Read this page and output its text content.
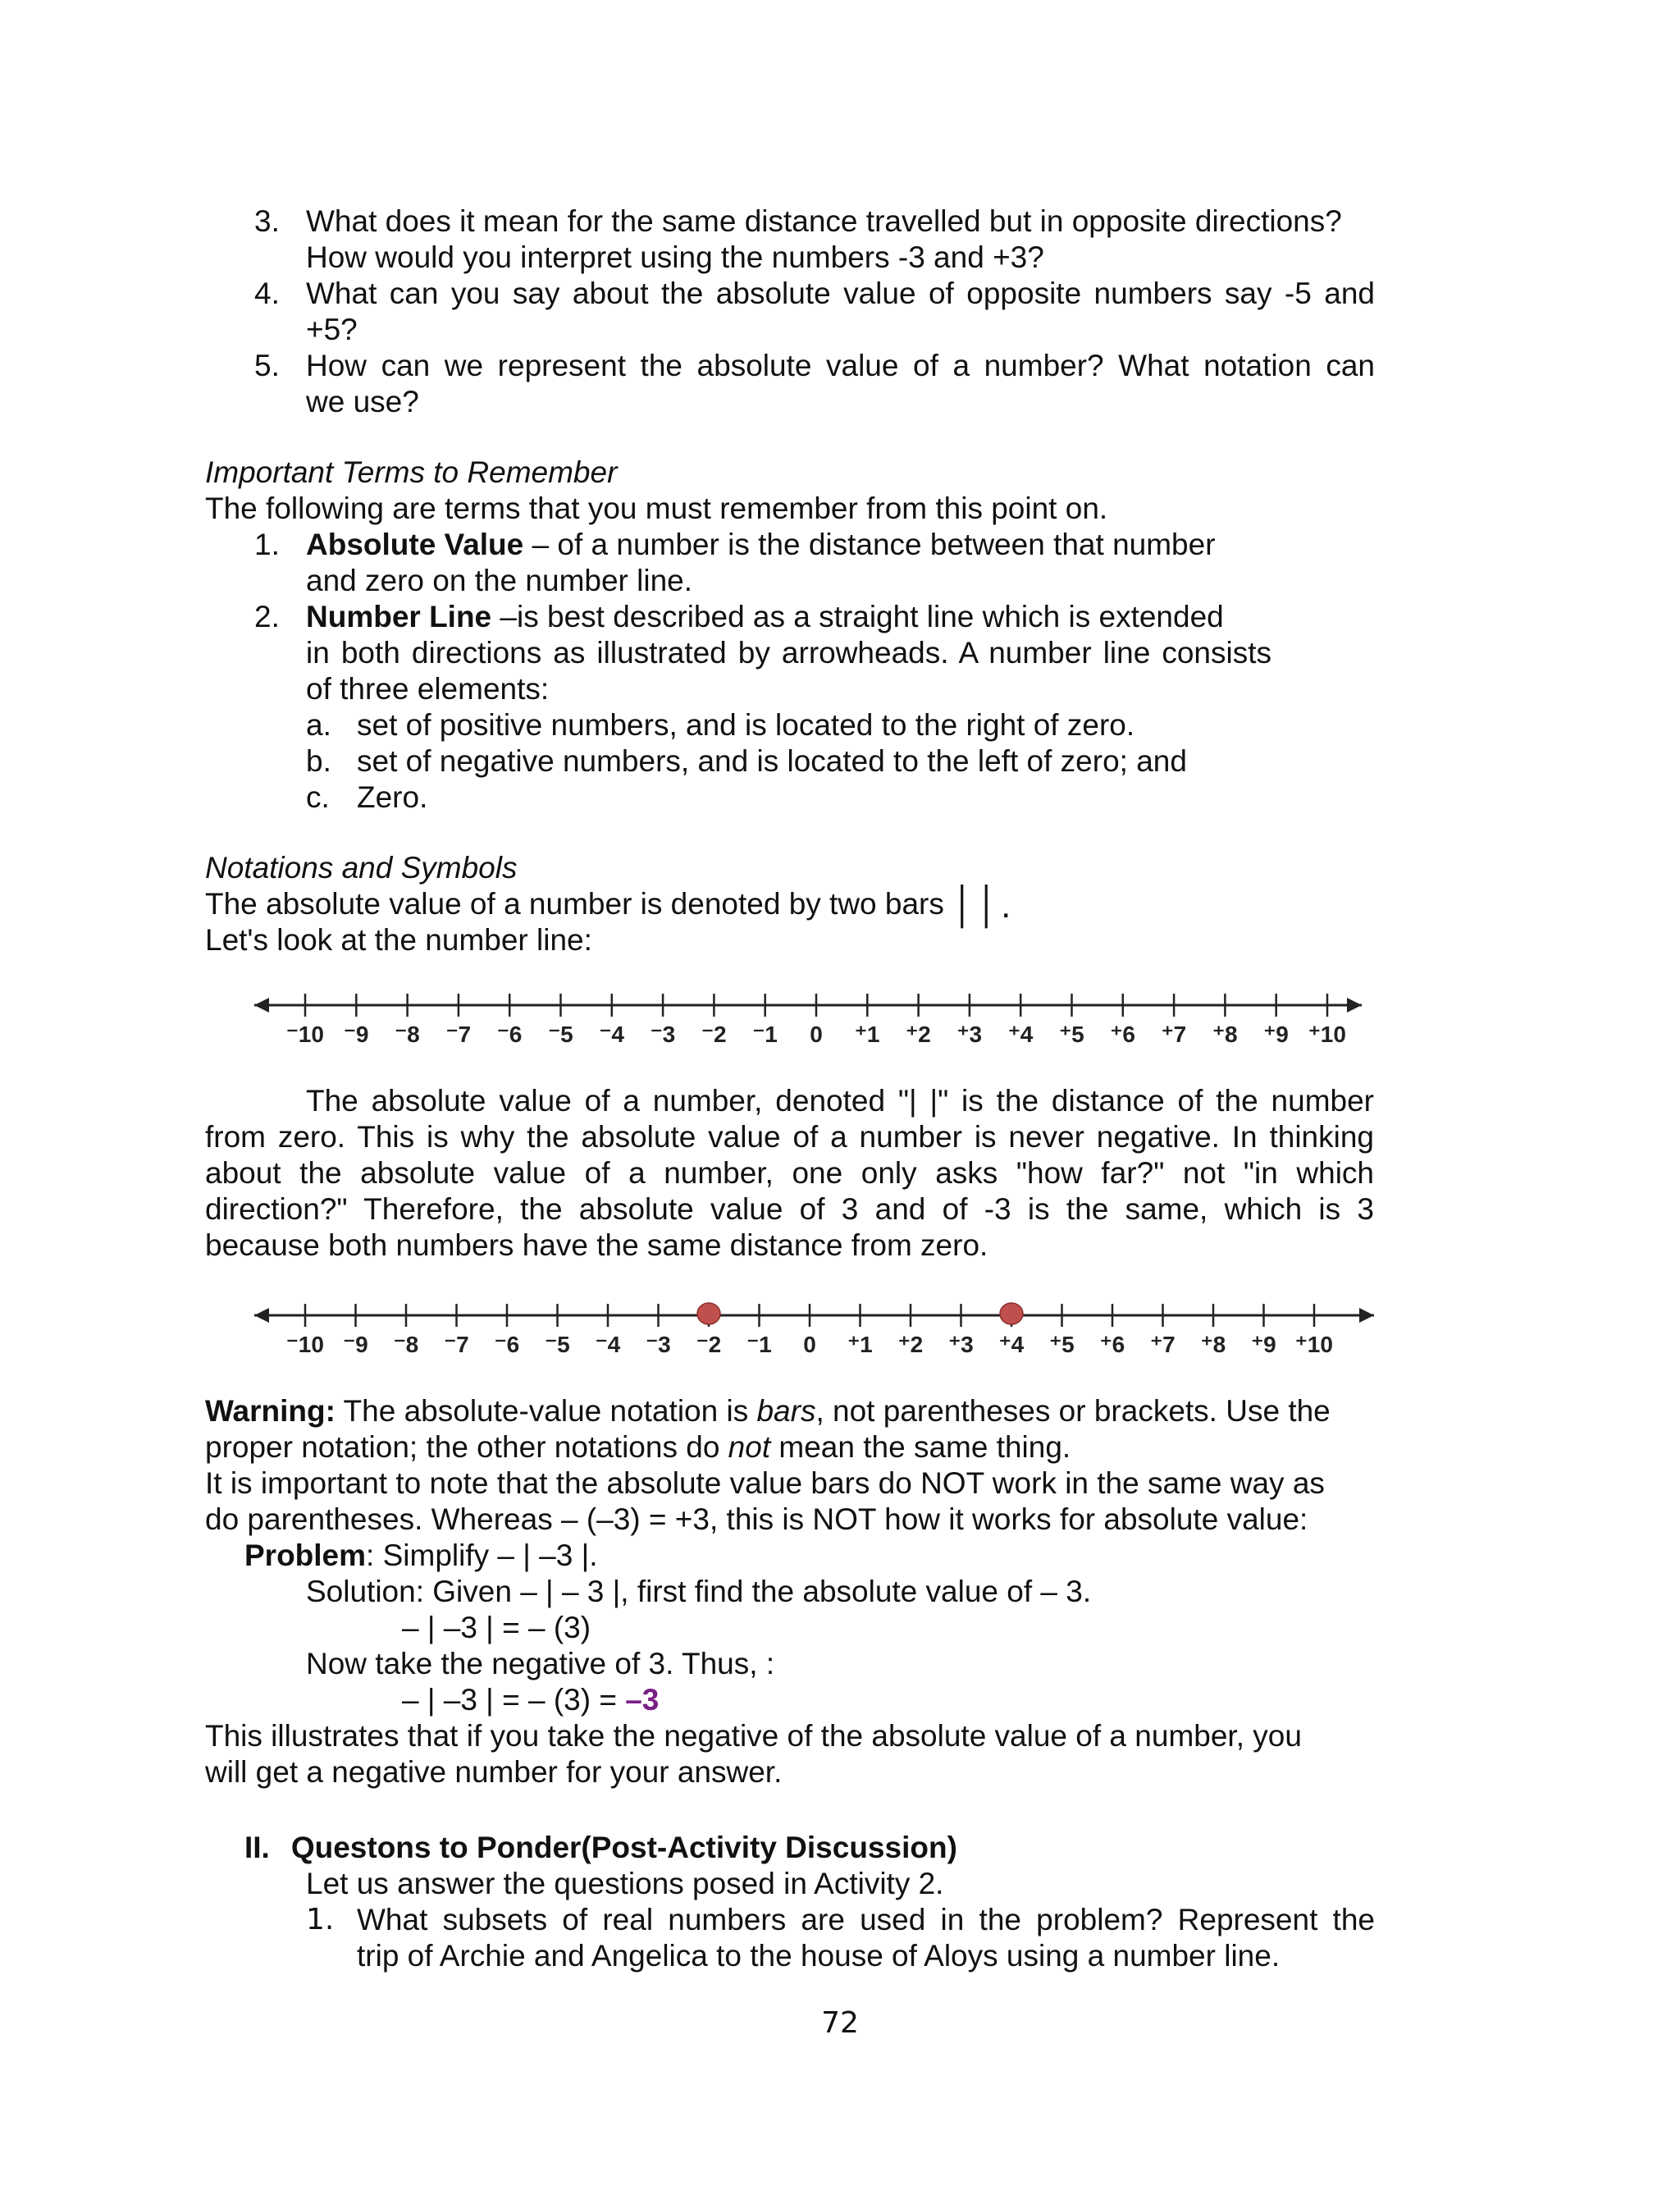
3. What does it mean for the same distance travelled but in opposite directions?
How would you interpret using the numbers -3 and +3?
4. What can you say about the absolute value of opposite numbers say -5 and
+5?
5. How can we represent the absolute value of a number? What notation can
we use?
Important Terms to Remember
The following are terms that you must remember from this point on.
1. Absolute Value – of a number is the distance between that number
and zero on the number line.
2. Number Line –is best described as a straight line which is extended
in both directions as illustrated by arrowheads. A number line consists
of three elements:
a. set of positive numbers, and is located to the right of zero.
b. set of negative numbers, and is located to the left of zero; and
c. Zero.
Notations and Symbols
The absolute value of a number is denoted by two bars ││.
Let's look at the number line:
⁻10 ⁻9 ⁻8 ⁻7 ⁻6 ⁻5 ⁻4 ⁻3 ⁻2 ⁻1 0 ⁺1 ⁺2 ⁺3 ⁺4 ⁺5 ⁺6 ⁺7 ⁺8 ⁺9 ⁺10
The absolute value of a number, denoted "| |" is the distance of the number
from zero. This is why the absolute value of a number is never negative. In thinking
about the absolute value of a number, one only asks "how far?" not "in which
direction?" Therefore, the absolute value of 3 and of -3 is the same, which is 3
because both numbers have the same distance from zero.
⁻10 ⁻9 ⁻8 ⁻7 ⁻6 ⁻5 ⁻4 ⁻3 ⁻2 ⁻1 0 ⁺1 ⁺2 ⁺3 ⁺4 ⁺5 ⁺6 ⁺7 ⁺8 ⁺9 ⁺10
Warning: The absolute-value notation is bars, not parentheses or brackets. Use the
proper notation; the other notations do not mean the same thing.
It is important to note that the absolute value bars do NOT work in the same way as
do parentheses. Whereas – (–3) = +3, this is NOT how it works for absolute value:
Problem: Simplify – | –3 |.
Solution: Given – | – 3 |, first find the absolute value of – 3.
– | –3 | = – (3)
Now take the negative of 3. Thus, :
– | –3 | = – (3) = –3
This illustrates that if you take the negative of the absolute value of a number, you
will get a negative number for your answer.
II. Questons to Ponder(Post-Activity Discussion)
Let us answer the questions posed in Activity 2.
1. What subsets of real numbers are used in the problem? Represent the
trip of Archie and Angelica to the house of Aloys using a number line.
72
